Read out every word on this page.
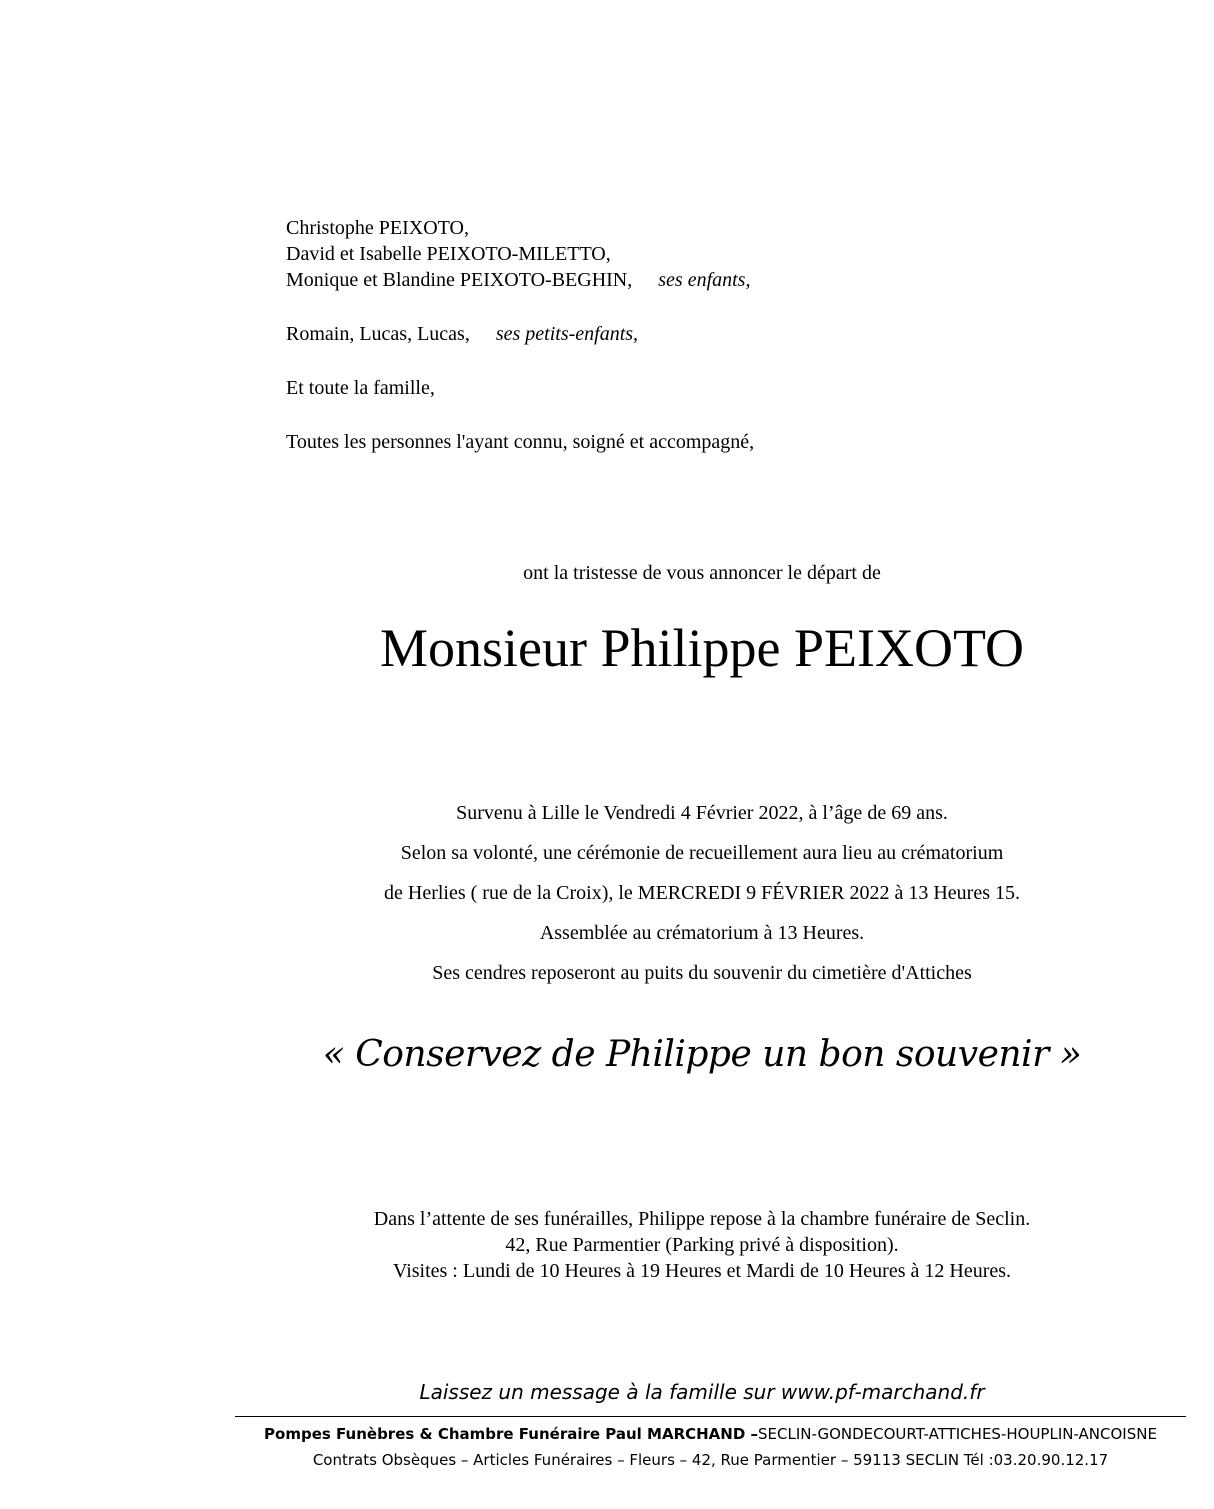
Christophe PEIXOTO,
David et Isabelle PEIXOTO-MILETTO,
Monique et Blandine PEIXOTO-BEGHIN, ses enfants,
Romain, Lucas, Lucas, ses petits-enfants,
Et toute la famille,
Toutes les personnes l'ayant connu, soigné et accompagné,
ont la tristesse de vous annoncer le départ de
Monsieur Philippe PEIXOTO
Survenu à Lille le Vendredi 4 Février 2022, à l’âge de 69 ans.
Selon sa volonté, une cérémonie de recueillement aura lieu au crématorium
de Herlies ( rue de la Croix), le MERCREDI 9 FÉVRIER 2022 à 13 Heures 15.
Assemblée au crématorium à 13 Heures.
Ses cendres reposeront au puits du souvenir du cimetière d'Attiches
« Conservez de Philippe un bon souvenir »
Dans l’attente de ses funérailles, Philippe repose à la chambre funéraire de Seclin.
42, Rue Parmentier (Parking privé à disposition).
Visites : Lundi de 10 Heures à 19 Heures et Mardi de 10 Heures à 12 Heures.
Laissez un message à la famille sur www.pf-marchand.fr
Pompes Funèbres & Chambre Funéraire Paul MARCHAND –SECLIN-GONDECOURT-ATTICHES-HOUPLIN-ANCOISNE
Contrats Obsèques – Articles Funéraires – Fleurs – 42, Rue Parmentier – 59113 SECLIN Tél :03.20.90.12.17
